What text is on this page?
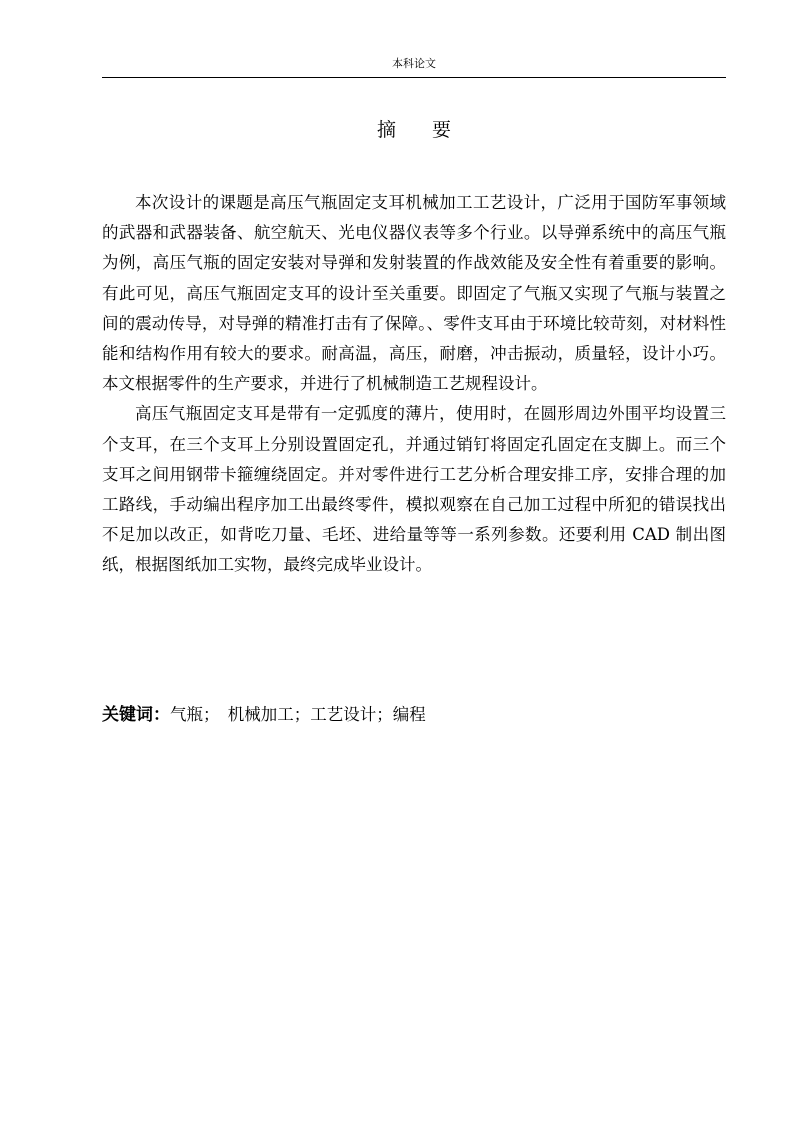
本科论文
摘要

本次设计的课题是高压气瓶固定支耳机械加工工艺设计，广泛用于国防军事领域的武器和武器装备、航空航天、光电仪器仪表等多个行业。以导弹系统中的高压气瓶为例，高压气瓶的固定安装对导弹和发射装置的作战效能及安全性有着重要的影响。有此可见，高压气瓶固定支耳的设计至关重要。即固定了气瓶又实现了气瓶与装置之间的震动传导，对导弹的精准打击有了保障。、零件支耳由于环境比较苛刻，对材料性能和结构作用有较大的要求。耐高温，高压，耐磨，冲击振动，质量轻，设计小巧。本文根据零件的生产要求，并进行了机械制造工艺规程设计。

高压气瓶固定支耳是带有一定弧度的薄片，使用时，在圆形周边外围平均设置三个支耳，在三个支耳上分别设置固定孔，并通过销钉将固定孔固定在支脚上。而三个支耳之间用钢带卡箍缠绕固定。并对零件进行工艺分析合理安排工序，安排合理的加工路线，手动编出程序加工出最终零件，模拟观察在自己加工过程中所犯的错误找出不足加以改正，如背吃刀量、毛坯、进给量等等一系列参数。还要利用 CAD 制出图纸，根据图纸加工实物，最终完成毕业设计。

关键词：气瓶；　机械加工；工艺设计；编程
